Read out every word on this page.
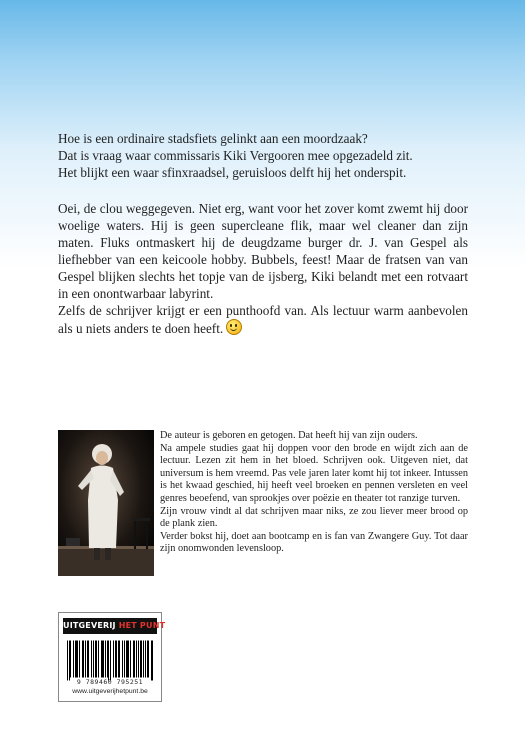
Hoe is een ordinaire stadsfiets gelinkt aan een moordzaak?

Dat is vraag waar commissaris Kiki Vergooren mee opgezadeld zit.

Het blijkt een waar sfinxraadsel, geruisloos delft hij het onderspit.

Oei, de clou weggegeven. Niet erg, want voor het zover komt zwemt hij door woelige waters. Hij is geen supercleane flik, maar wel cleaner dan zijn maten. Fluks ontmaskert hij de deugdzame burger dr. J. van Gespel als liefhebber van een keicoole hobby. Bubbels, feest! Maar de fratsen van van Gespel blijken slechts het topje van de ijsberg, Kiki belandt met een rotvaart in een onontwarbaar labyrint.

Zelfs de schrijver krijgt er een punthoofd van. Als lectuur warm aanbevolen als u niets anders te doen heeft.

De auteur is geboren en getogen. Dat heeft hij van zijn ouders.

Na ampele studies gaat hij doppen voor den brode en wijdt zich aan de lectuur. Lezen zit hem in het bloed. Schrijven ook. Uitgeven niet, dat universum is hem vreemd. Pas vele jaren later komt hij tot inkeer. Intussen is het kwaad geschied, hij heeft veel broeken en pennen versleten en veel genres beoefend, van sprookjes over poëzie en theater tot ranzige turven.

Zijn vrouw vindt al dat schrijven maar niks, ze zou liever meer brood op de plank zien.

Verder bokst hij, doet aan bootcamp en is fan van Zwangere Guy. Tot daar zijn onomwonden levensloop.

UITGEVERIJ HET PUNT
9 789460 795251
www.uitgeverijhetpunt.be
